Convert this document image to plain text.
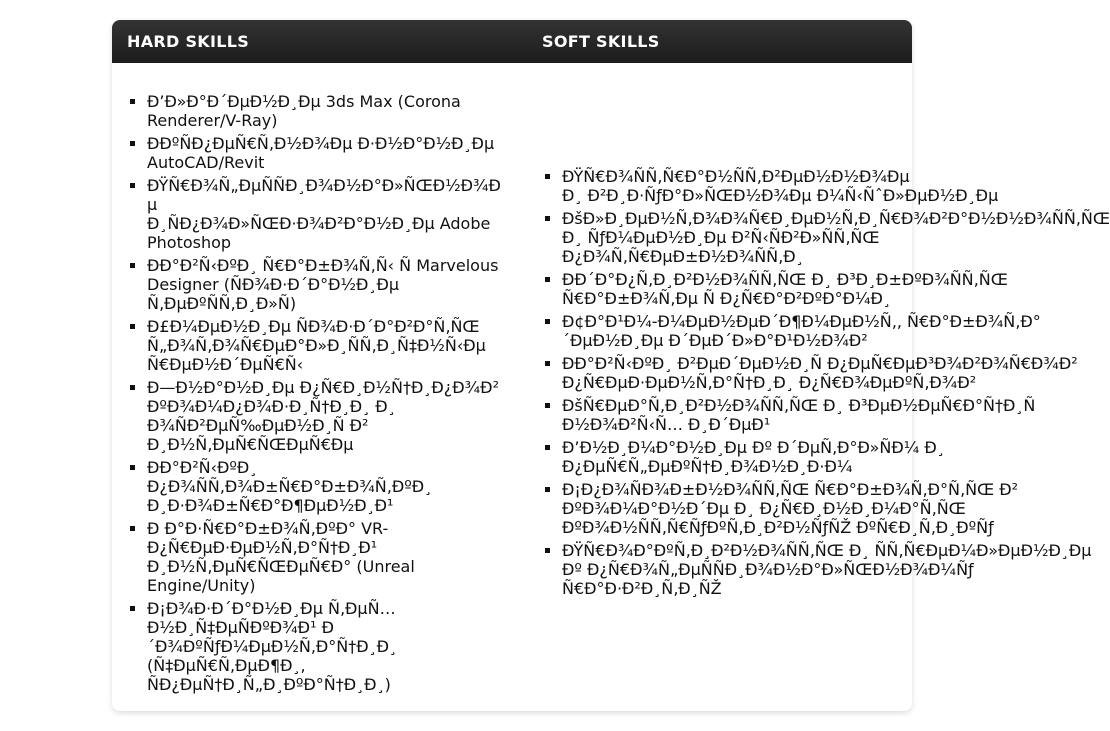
HARD SKILLS	SOFT SKILLS
Ð’Ð»Ð°Ð´ÐµÐ½Ð¸Ðµ 3ds Max (Corona
Renderer/V-Ray)
ÐÐºÑÐ¿ÐµÑ€Ñ‚Ð½Ð¾Ðµ Ð·Ð½Ð°Ð½Ð¸Ðµ
AutoCAD/Revit
ÐŸÑ€Ð¾Ñ„ÐµÑÑÐ¸Ð¾Ð½Ð°Ð»ÑŒÐ½Ð¾Ðµ
Ð¸ÑÐ¿Ð¾Ð»ÑŒÐ·Ð¾Ð²Ð°Ð½Ð¸Ðµ Adobe
Photoshop
ÐÐ°Ð²Ñ‹ÐºÐ¸ Ñ€Ð°Ð±Ð¾Ñ‚Ñ‹ Ñ Marvelous
Designer (ÑÐ¾Ð·Ð´Ð°Ð½Ð¸Ðµ
Ñ‚ÐµÐºÑÑ‚Ð¸Ð»Ñ)
Ð£Ð¼ÐµÐ½Ð¸Ðµ ÑÐ¾Ð·Ð´Ð°Ð²Ð°Ñ‚ÑŒ
Ñ„Ð¾Ñ‚Ð¾Ñ€ÐµÐ°Ð»Ð¸ÑÑ‚Ð¸Ñ‡Ð½Ñ‹Ðµ
Ñ€ÐµÐ½Ð´ÐµÑ€Ñ‹
Ð—Ð½Ð°Ð½Ð¸Ðµ Ð¿Ñ€Ð¸Ð½Ñ†Ð¸Ð¿Ð¾Ð²
ÐºÐ¾Ð¼Ð¿Ð¾Ð·Ð¸Ñ†Ð¸Ð¸ Ð¸
Ð¾ÑÐ²ÐµÑ‰ÐµÐ½Ð¸Ñ Ð²
Ð¸Ð½Ñ‚ÐµÑ€ÑŒÐµÑ€Ðµ
ÐÐ°Ð²Ñ‹ÐºÐ¸
Ð¿Ð¾ÑÑ‚Ð¾Ð±Ñ€Ð°Ð±Ð¾Ñ‚ÐºÐ¸
Ð¸Ð·Ð¾Ð±Ñ€Ð°Ð¶ÐµÐ½Ð¸Ð¹
Ð Ð°Ð·Ñ€Ð°Ð±Ð¾Ñ‚ÐºÐ° VR-
Ð¿Ñ€ÐµÐ·ÐµÐ½Ñ‚Ð°Ñ†Ð¸Ð¹
Ð¸Ð½Ñ‚ÐµÑ€ÑŒÐµÑ€Ð° (Unreal
Engine/Unity)
Ð¡Ð¾Ð·Ð´Ð°Ð½Ð¸Ðµ Ñ‚ÐµÑ…
Ð½Ð¸Ñ‡ÐµÑÐºÐ¾Ð¹ Ð
´Ð¾ÐºÑƒÐ¼ÐµÐ½Ñ‚Ð°Ñ†Ð¸Ð¸
(Ñ‡ÐµÑ€Ñ‚ÐµÐ¶Ð¸,
ÑÐ¿ÐµÑ†Ð¸Ñ„Ð¸ÐºÐ°Ñ†Ð¸Ð¸)
ÐŸÑ€Ð¾ÑÑ‚Ñ€Ð°Ð½ÑÑ‚Ð²ÐµÐ½Ð½Ð¾Ðµ
Ð¸ Ð²Ð¸Ð·ÑƒÐ°Ð»ÑŒÐ½Ð¾Ðµ Ð¼Ñ‹ÑˆÐ»ÐµÐ½Ð¸Ðµ
ÐšÐ»Ð¸ÐµÐ½Ñ‚Ð¾Ð¾Ñ€Ð¸ÐµÐ½Ñ‚Ð¸Ñ€Ð¾Ð²Ð°Ð½Ð½Ð¾ÑÑ‚ÑŒ
Ð¸ ÑƒÐ¼ÐµÐ½Ð¸Ðµ Ð²Ñ‹ÑÐ²Ð»ÑÑ‚ÑŒ
Ð¿Ð¾Ñ‚Ñ€ÐµÐ±Ð½Ð¾ÑÑ‚Ð¸
ÐÐ´Ð°Ð¿Ñ‚Ð¸Ð²Ð½Ð¾ÑÑ‚ÑŒ Ð¸ Ð³Ð¸Ð±ÐºÐ¾ÑÑ‚ÑŒ
Ñ€Ð°Ð±Ð¾Ñ‚Ðµ Ñ Ð¿Ñ€Ð°Ð²ÐºÐ°Ð¼Ð¸
Ð¢Ð°Ð¹Ð¼-Ð¼ÐµÐ½ÐµÐ´Ð¶Ð¼ÐµÐ½Ñ‚, Ñ€Ð°Ð±Ð¾Ñ‚Ð°
´ÐµÐ½Ð¸Ðµ Ð´ÐµÐ´Ð»Ð°Ð¹Ð½Ð¾Ð²
ÐÐ°Ð²Ñ‹ÐºÐ¸ Ð²ÐµÐ´ÐµÐ½Ð¸Ñ Ð¿ÐµÑ€ÐµÐ³Ð¾Ð²Ð¾Ñ€Ð¾Ð²
Ð¿Ñ€ÐµÐ·ÐµÐ½Ñ‚Ð°Ñ†Ð¸Ð¸ Ð¿Ñ€Ð¾ÐµÐºÑ‚Ð¾Ð²
ÐšÑ€ÐµÐ°Ñ‚Ð¸Ð²Ð½Ð¾ÑÑ‚ÑŒ Ð¸ Ð³ÐµÐ½ÐµÑ€Ð°Ñ†Ð¸Ñ
Ð½Ð¾Ð²Ñ‹Ñ… Ð¸Ð´ÐµÐ¹
Ð’Ð½Ð¸Ð¼Ð°Ð½Ð¸Ðµ Ðº Ð´ÐµÑ‚Ð°Ð»ÑÐ¼ Ð¸
Ð¿ÐµÑ€Ñ„ÐµÐºÑ†Ð¸Ð¾Ð½Ð¸Ð·Ð¼
Ð¡Ð¿Ð¾ÑÐ¾Ð±Ð½Ð¾ÑÑ‚ÑŒ Ñ€Ð°Ð±Ð¾Ñ‚Ð°Ñ‚ÑŒ Ð²
ÐºÐ¾Ð¼Ð°Ð½Ð´Ðµ Ð¸ Ð¿Ñ€Ð¸Ð½Ð¸Ð¼Ð°Ñ‚ÑŒ
ÐºÐ¾Ð½ÑÑ‚Ñ€ÑƒÐºÑ‚Ð¸Ð²Ð½ÑƒÑŽ ÐºÑ€Ð¸Ñ‚Ð¸ÐºÑƒ
ÐŸÑ€Ð¾Ð°ÐºÑ‚Ð¸Ð²Ð½Ð¾ÑÑ‚ÑŒ Ð¸ ÑÑ‚Ñ€ÐµÐ¼Ð»ÐµÐ½Ð¸Ðµ
Ðº Ð¿Ñ€Ð¾Ñ„ÐµÑÑÐ¸Ð¾Ð½Ð°Ð»ÑŒÐ½Ð¾Ð¼Ñƒ
Ñ€Ð°Ð·Ð²Ð¸Ñ‚Ð¸ÑŽ
